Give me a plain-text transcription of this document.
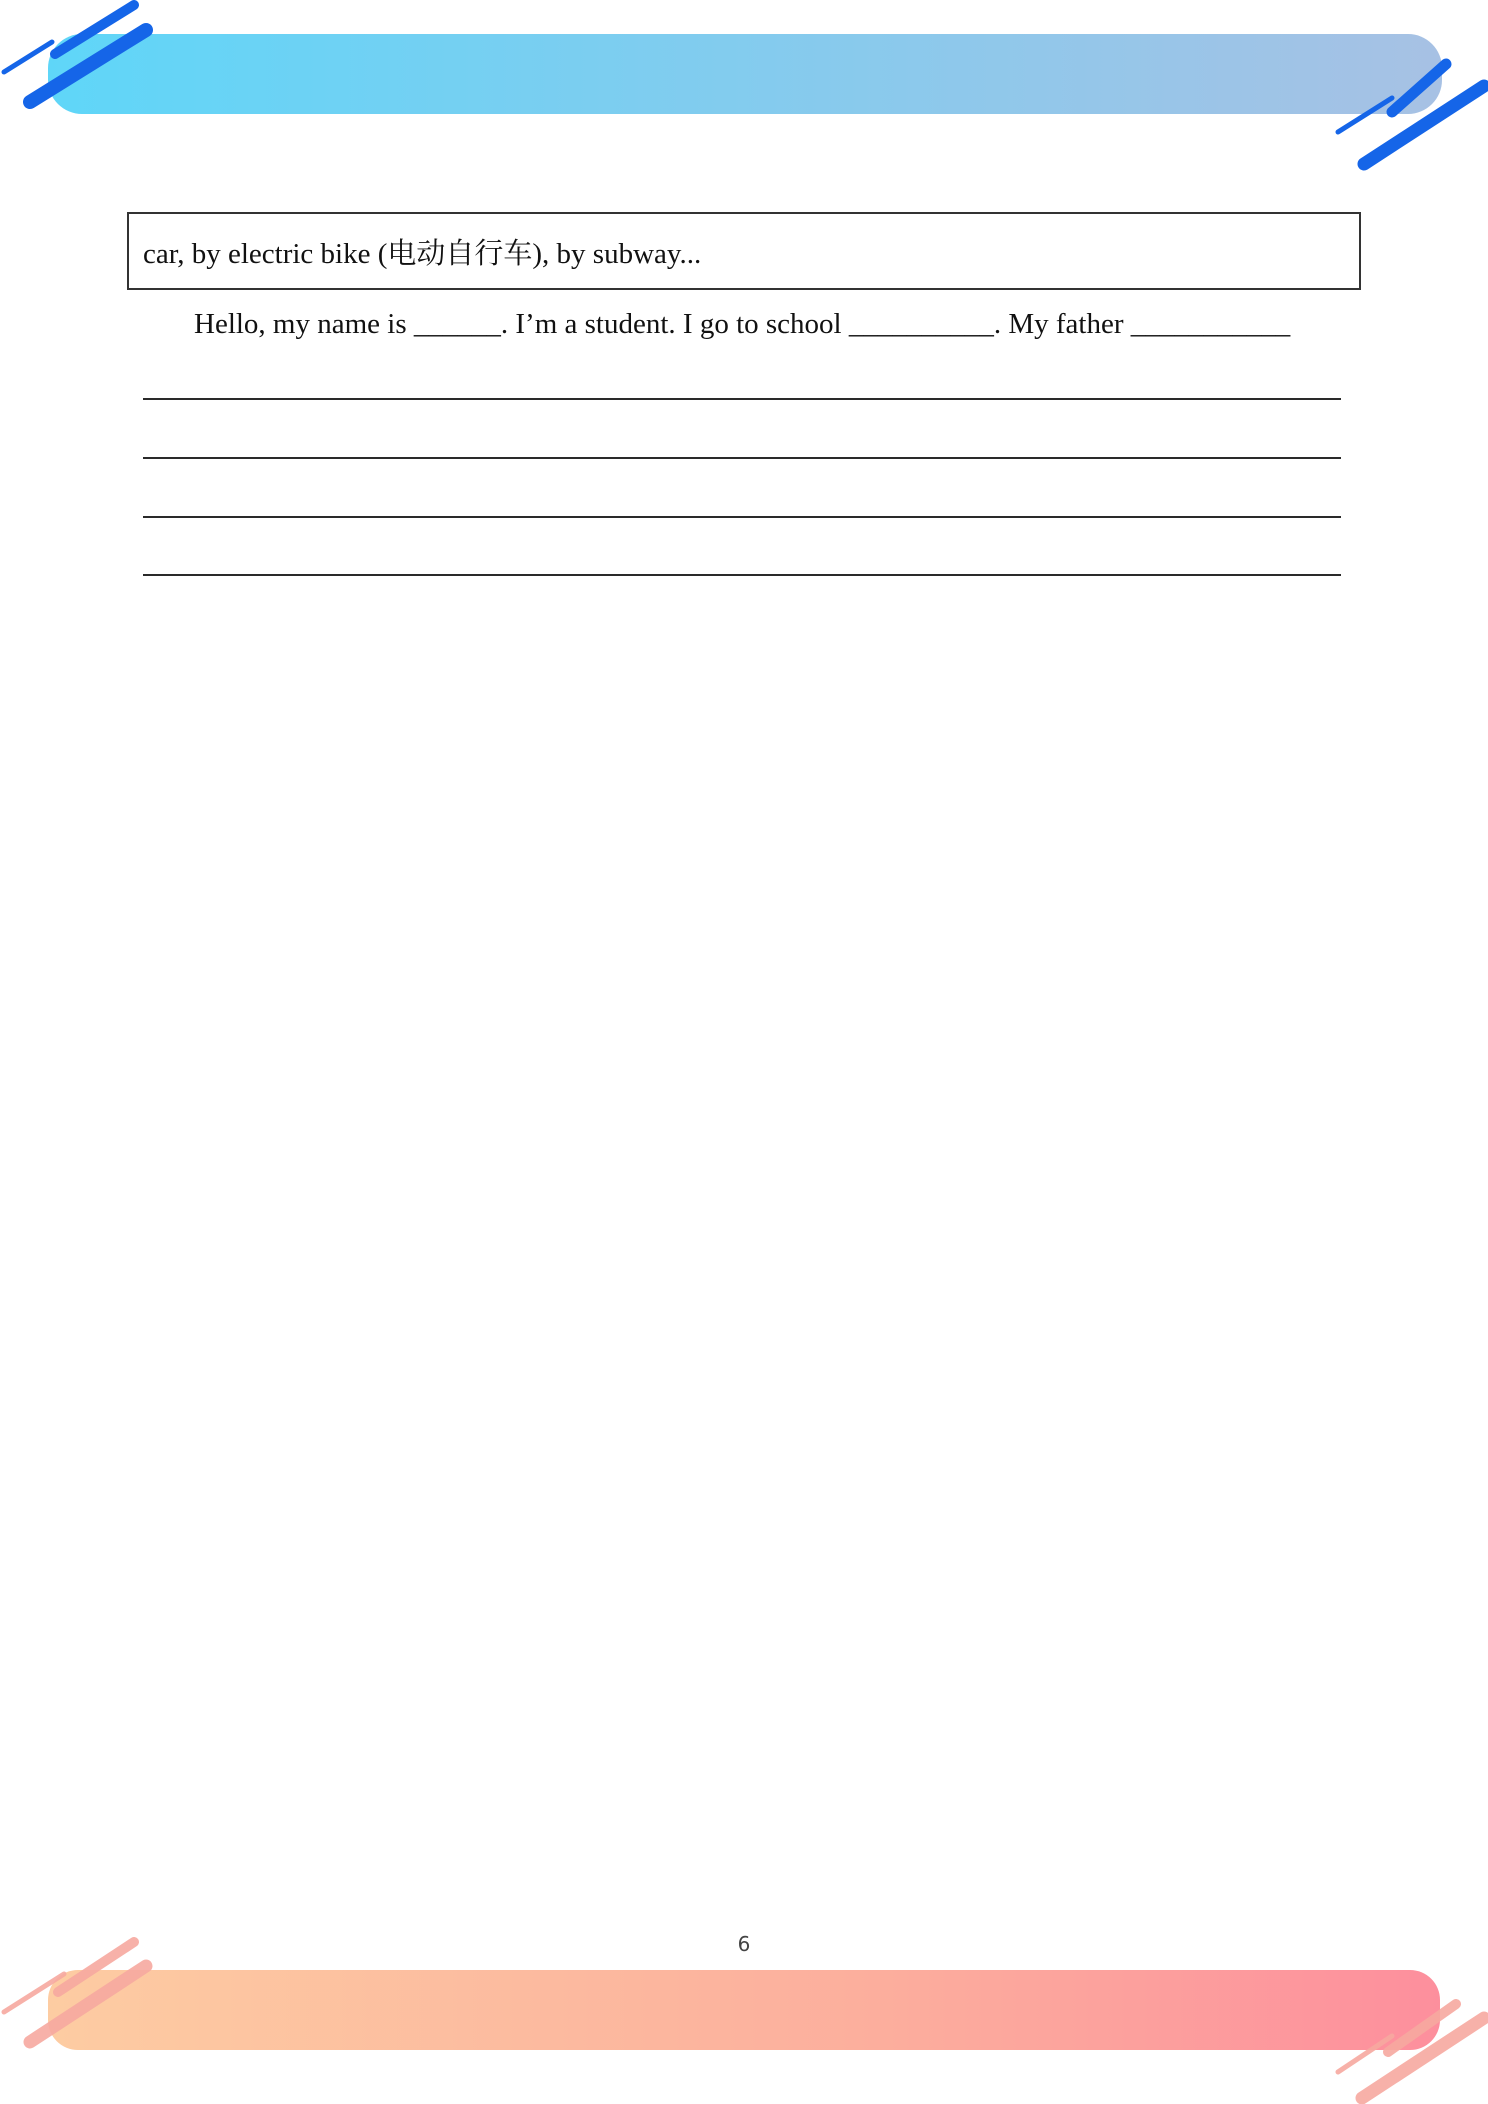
car, by electric bike (电动自行车), by subway...
Hello, my name is ______. I’m a student. I go to school __________. My father ___________
6
